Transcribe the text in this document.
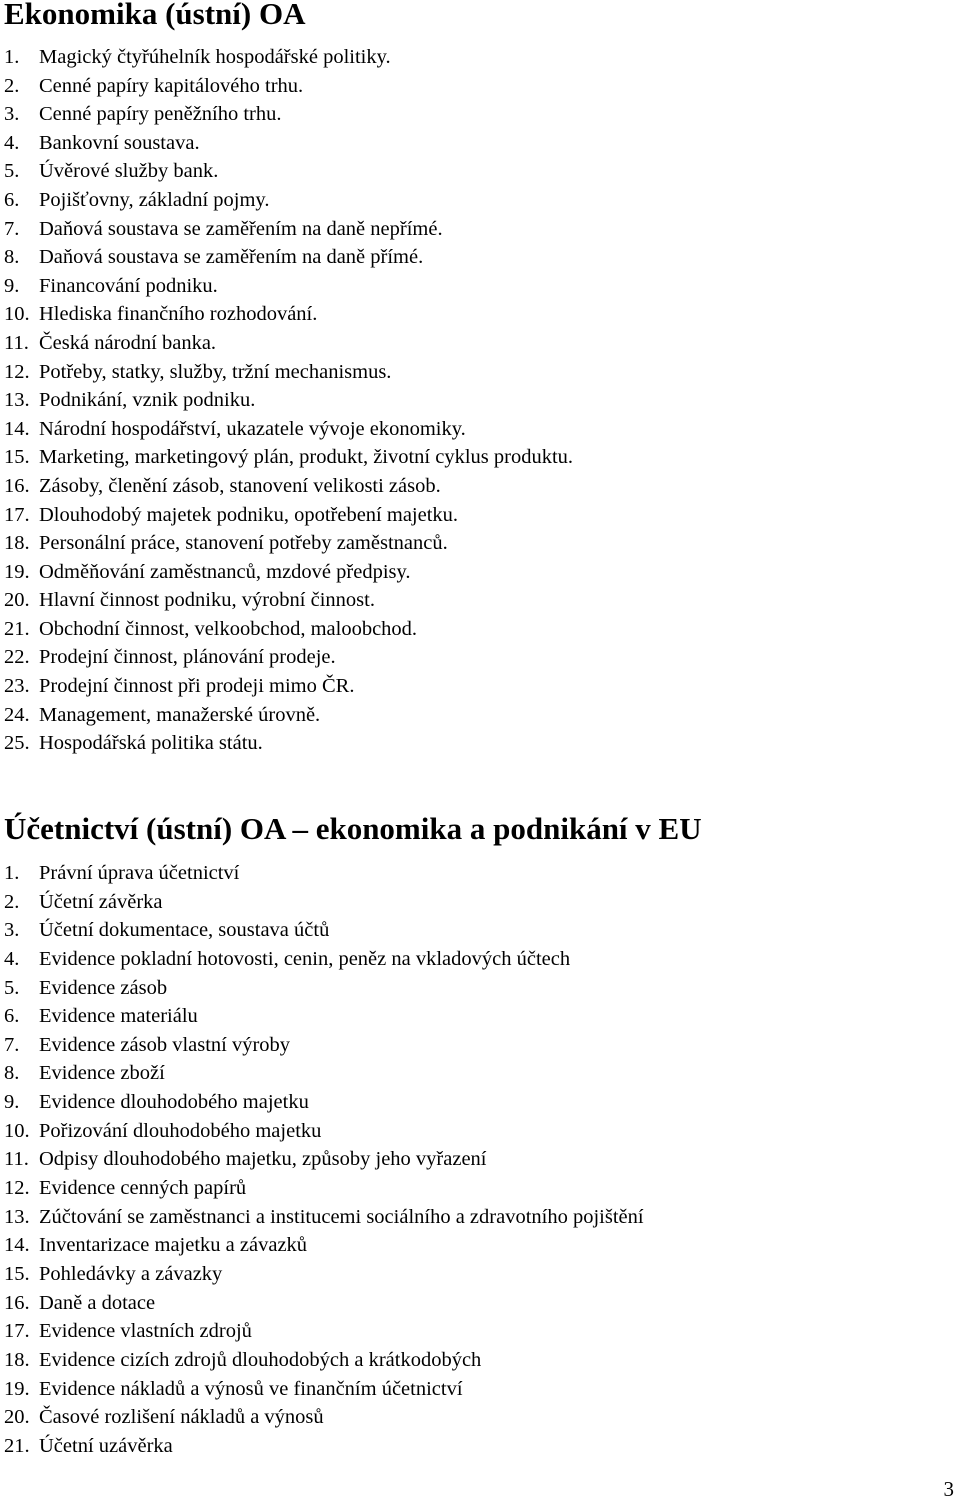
Ekonomika (ústní) OA
1. Magický čtyřúhelník hospodářské politiky.
2. Cenné papíry kapitálového trhu.
3. Cenné papíry peněžního trhu.
4. Bankovní soustava.
5. Úvěrové služby bank.
6. Pojišťovny, základní pojmy.
7. Daňová soustava se zaměřením na daně nepřímé.
8. Daňová soustava se zaměřením na daně přímé.
9. Financování podniku.
10. Hlediska finančního rozhodování.
11. Česká národní banka.
12. Potřeby, statky, služby, tržní mechanismus.
13. Podnikání, vznik podniku.
14. Národní hospodářství, ukazatele vývoje ekonomiky.
15. Marketing, marketingový plán, produkt, životní cyklus produktu.
16. Zásoby, členění zásob, stanovení velikosti zásob.
17. Dlouhodobý majetek podniku, opotřebení majetku.
18. Personální práce, stanovení potřeby zaměstnanců.
19. Odměňování zaměstnanců, mzdové předpisy.
20. Hlavní činnost podniku, výrobní činnost.
21. Obchodní činnost, velkoobchod, maloobchod.
22. Prodejní činnost, plánování prodeje.
23. Prodejní činnost při prodeji mimo ČR.
24. Management, manažerské úrovně.
25. Hospodářská politika státu.
Účetnictví (ústní) OA – ekonomika a podnikání v EU
1. Právní úprava účetnictví
2. Účetní závěrka
3. Účetní dokumentace, soustava účtů
4. Evidence pokladní hotovosti, cenin, peněz na vkladových účtech
5. Evidence zásob
6. Evidence materiálu
7. Evidence zásob vlastní výroby
8. Evidence zboží
9. Evidence dlouhodobého majetku
10. Pořizování dlouhodobého majetku
11. Odpisy dlouhodobého majetku, způsoby jeho vyřazení
12. Evidence cenných papírů
13. Zúčtování se zaměstnanci a institucemi sociálního a zdravotního pojištění
14. Inventarizace majetku a závazků
15. Pohledávky a závazky
16. Daně a dotace
17. Evidence vlastních zdrojů
18. Evidence cizích zdrojů dlouhodobých a krátkodobých
19. Evidence nákladů a výnosů ve finančním účetnictví
20. Časové rozlišení nákladů a výnosů
21. Účetní uzávěrka
3
